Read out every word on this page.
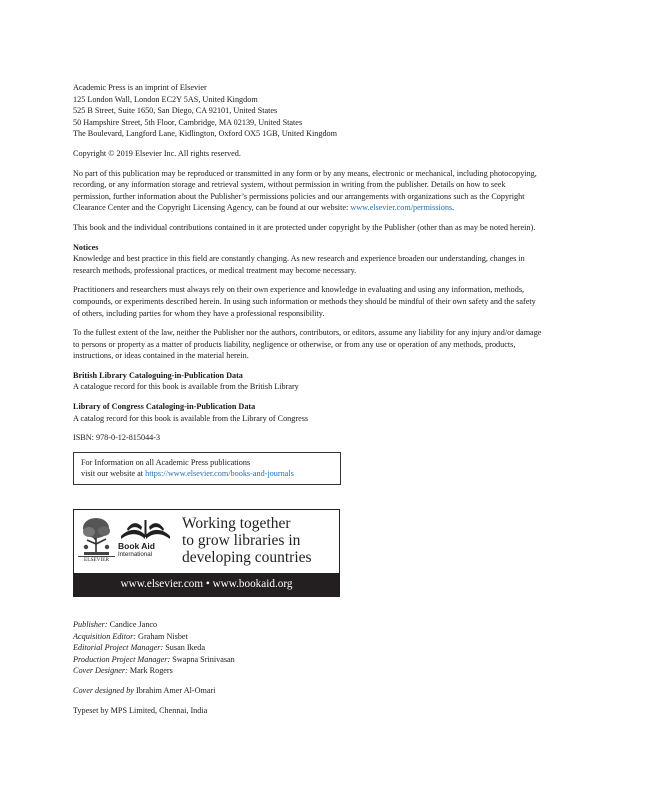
Academic Press is an imprint of Elsevier
125 London Wall, London EC2Y 5AS, United Kingdom
525 B Street, Suite 1650, San Diego, CA 92101, United States
50 Hampshire Street, 5th Floor, Cambridge, MA 02139, United States
The Boulevard, Langford Lane, Kidlington, Oxford OX5 1GB, United Kingdom

Copyright © 2019 Elsevier Inc. All rights reserved.

No part of this publication may be reproduced or transmitted in any form or by any means, electronic or mechanical, including photocopying, recording, or any information storage and retrieval system, without permission in writing from the publisher. Details on how to seek permission, further information about the Publisher’s permissions policies and our arrangements with organizations such as the Copyright Clearance Center and the Copyright Licensing Agency, can be found at our website: www.elsevier.com/permissions.

This book and the individual contributions contained in it are protected under copyright by the Publisher (other than as may be noted herein).

Notices

Knowledge and best practice in this field are constantly changing. As new research and experience broaden our understanding, changes in research methods, professional practices, or medical treatment may become necessary.

Practitioners and researchers must always rely on their own experience and knowledge in evaluating and using any information, methods, compounds, or experiments described herein. In using such information or methods they should be mindful of their own safety and the safety of others, including parties for whom they have a professional responsibility.

To the fullest extent of the law, neither the Publisher nor the authors, contributors, or editors, assume any liability for any injury and/or damage to persons or property as a matter of products liability, negligence or otherwise, or from any use or operation of any methods, products, instructions, or ideas contained in the material herein.

British Library Cataloguing-in-Publication Data

A catalogue record for this book is available from the British Library

Library of Congress Cataloging-in-Publication Data

A catalog record for this book is available from the Library of Congress

ISBN: 978-0-12-815044-3

For Information on all Academic Press publications
visit our website at https://www.elsevier.com/books-and-journals
ELSEVIER
Book Aid
International
Working together
to grow libraries in
developing countries
www.elsevier.com • www.bookaid.org
Publisher: Candice Janco
Acquisition Editor: Graham Nisbet
Editorial Project Manager: Susan Ikeda
Production Project Manager: Swapna Srinivasan
Cover Designer: Mark Rogers
Cover designed by Ibrahim Amer Al-Omari
Typeset by MPS Limited, Chennai, India
